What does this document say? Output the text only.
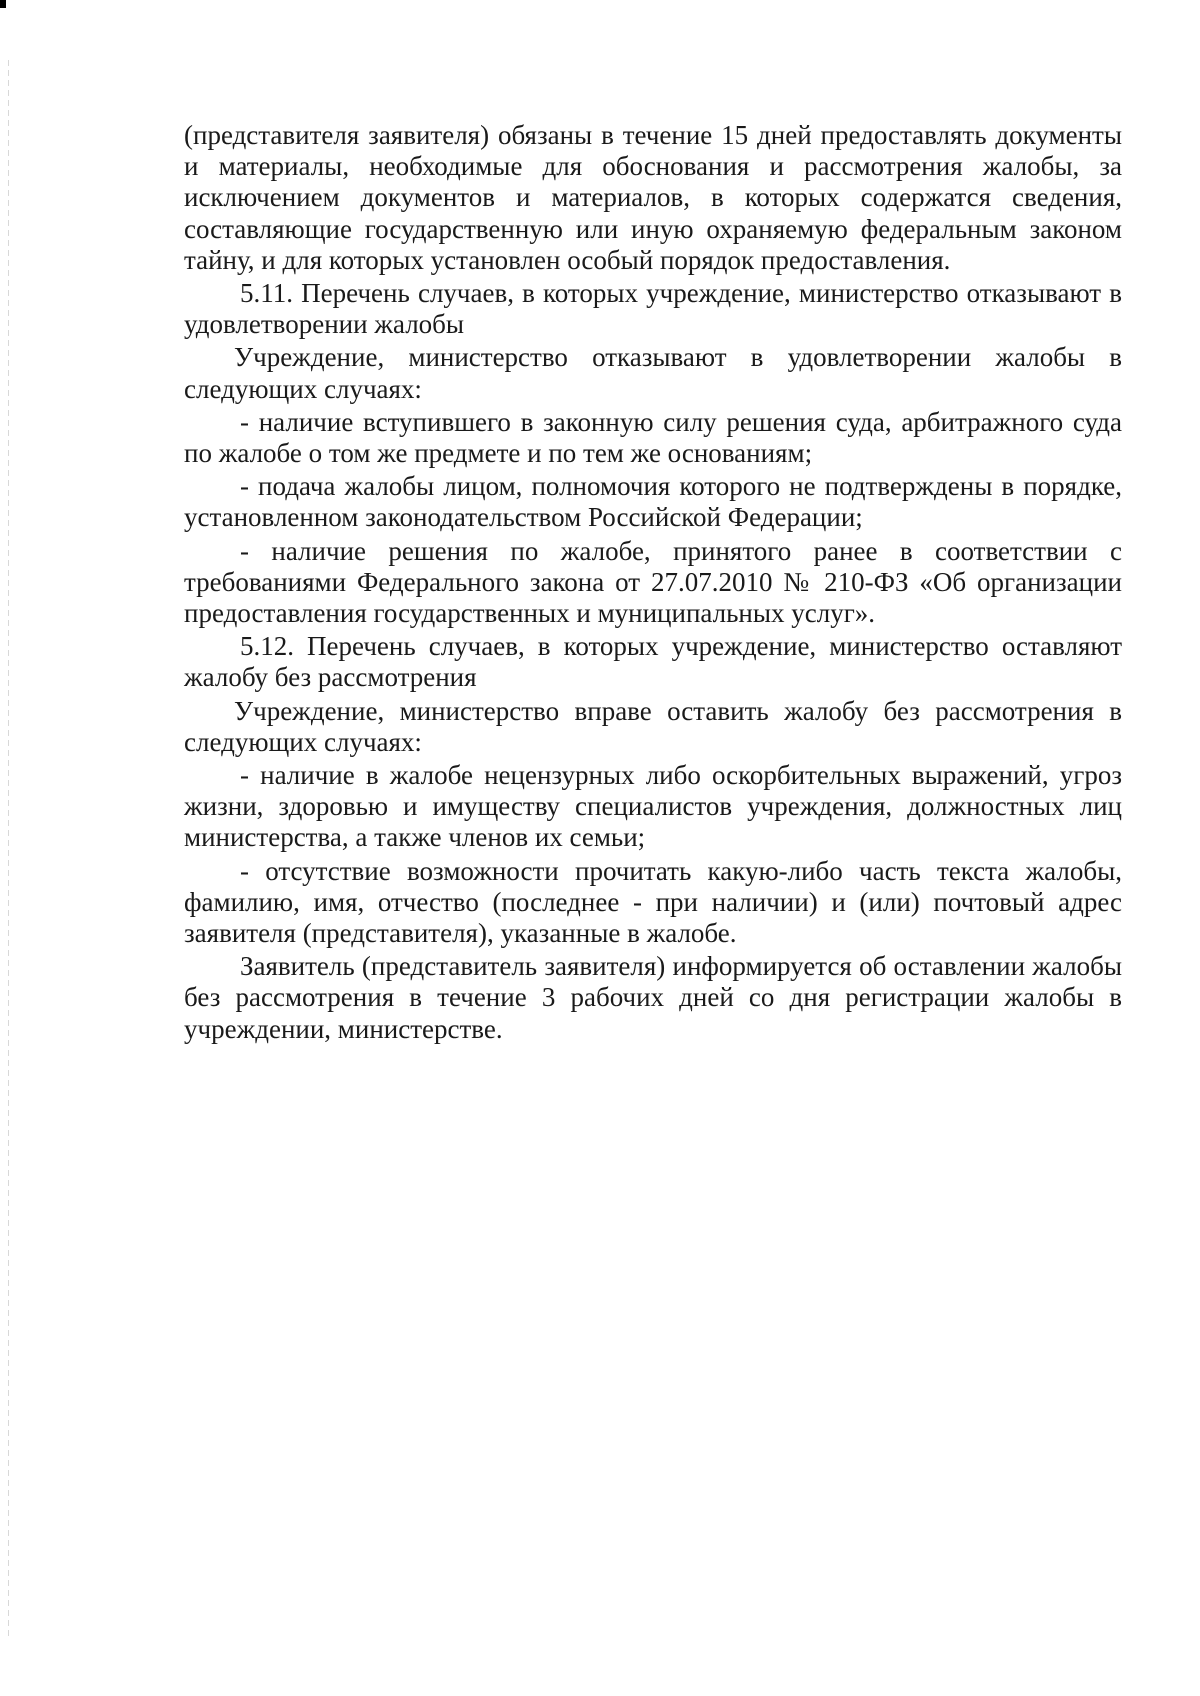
(представителя заявителя) обязаны в течение 15 дней предоставлять документы и материалы, необходимые для обоснования и рассмотрения жалобы, за исключением документов и материалов, в которых содержатся сведения, составляющие государственную или иную охраняемую федеральным законом тайну, и для которых установлен особый порядок предоставления.

5.11. Перечень случаев, в которых учреждение, министерство отказывают в удовлетворении жалобы

Учреждение, министерство отказывают в удовлетворении жалобы в следующих случаях:

- наличие вступившего в законную силу решения суда, арбитражного суда по жалобе о том же предмете и по тем же основаниям;

- подача жалобы лицом, полномочия которого не подтверждены в порядке, установленном законодательством Российской Федерации;

- наличие решения по жалобе, принятого ранее в соответствии с требованиями Федерального закона от 27.07.2010 № 210-ФЗ «Об организации предоставления государственных и муниципальных услуг».

5.12. Перечень случаев, в которых учреждение, министерство оставляют жалобу без рассмотрения

Учреждение, министерство вправе оставить жалобу без рассмотрения в следующих случаях:

- наличие в жалобе нецензурных либо оскорбительных выражений, угроз жизни, здоровью и имуществу специалистов учреждения, должностных лиц министерства, а также членов их семьи;

- отсутствие возможности прочитать какую-либо часть текста жалобы, фамилию, имя, отчество (последнее - при наличии) и (или) почтовый адрес заявителя (представителя), указанные в жалобе.

Заявитель (представитель заявителя) информируется об оставлении жалобы без рассмотрения в течение 3 рабочих дней со дня регистрации жалобы в учреждении, министерстве.
